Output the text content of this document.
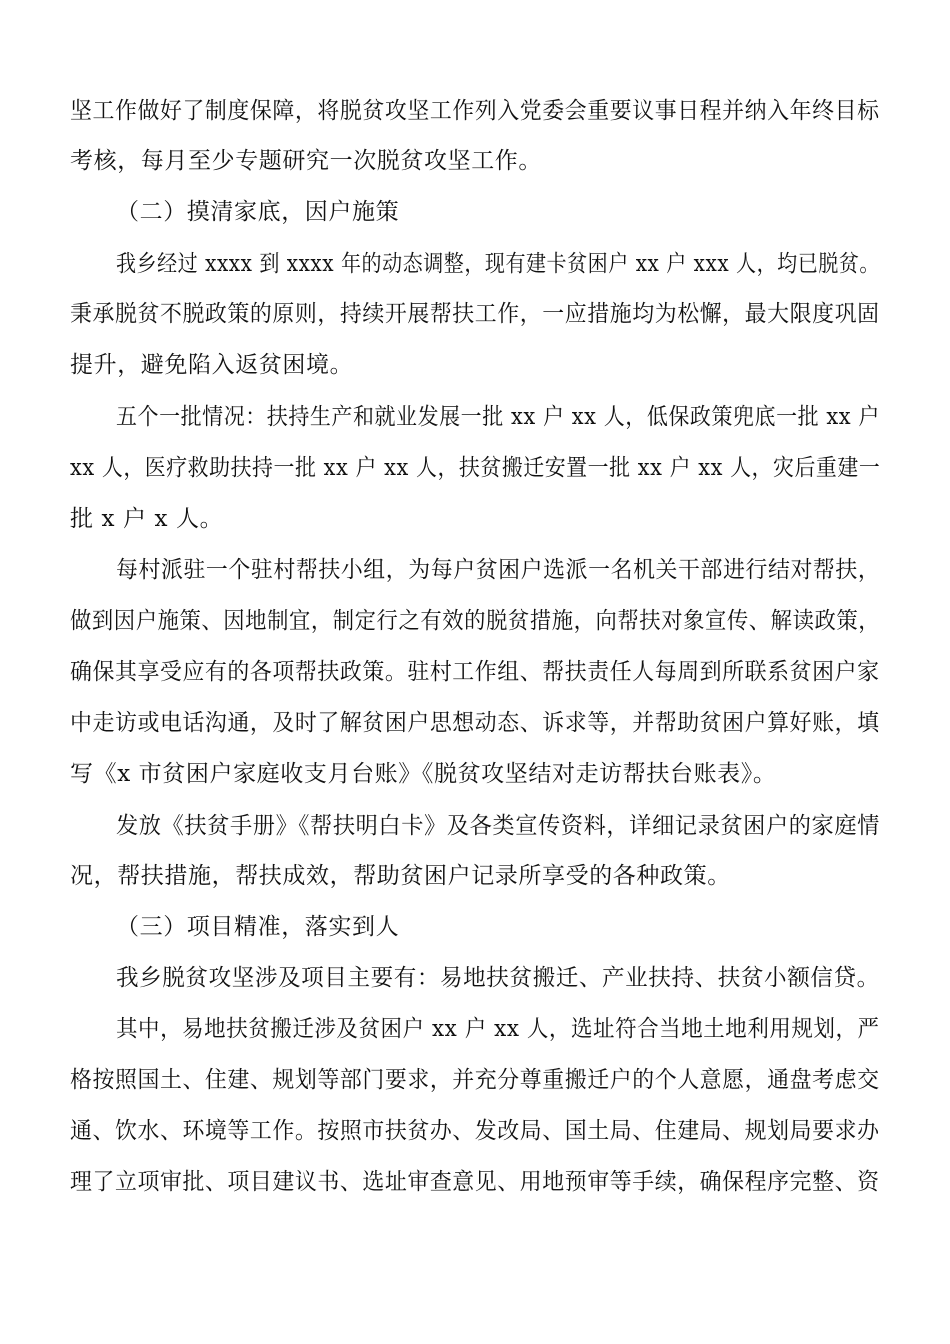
坚工作做好了制度保障，将脱贫攻坚工作列入党委会重要议事日程并纳入年终目标
考核，每月至少专题研究一次脱贫攻坚工作。
（二）摸清家底，因户施策
我乡经过 xxxx 到 xxxx 年的动态调整，现有建卡贫困户 xx 户 xxx 人，均已脱贫。
秉承脱贫不脱政策的原则，持续开展帮扶工作，一应措施均为松懈，最大限度巩固
提升，避免陷入返贫困境。
五个一批情况：扶持生产和就业发展一批 xx 户 xx 人，低保政策兜底一批 xx 户
xx 人，医疗救助扶持一批 xx 户 xx 人，扶贫搬迁安置一批 xx 户 xx 人，灾后重建一
批 x 户 x 人。
每村派驻一个驻村帮扶小组，为每户贫困户选派一名机关干部进行结对帮扶，
做到因户施策、因地制宜，制定行之有效的脱贫措施，向帮扶对象宣传、解读政策，
确保其享受应有的各项帮扶政策。驻村工作组、帮扶责任人每周到所联系贫困户家
中走访或电话沟通，及时了解贫困户思想动态、诉求等，并帮助贫困户算好账，填
写《x 市贫困户家庭收支月台账》《脱贫攻坚结对走访帮扶台账表》。
发放《扶贫手册》《帮扶明白卡》及各类宣传资料，详细记录贫困户的家庭情
况，帮扶措施，帮扶成效，帮助贫困户记录所享受的各种政策。
（三）项目精准，落实到人
我乡脱贫攻坚涉及项目主要有：易地扶贫搬迁、产业扶持、扶贫小额信贷。
其中，易地扶贫搬迁涉及贫困户 xx 户 xx 人，选址符合当地土地利用规划，严
格按照国土、住建、规划等部门要求，并充分尊重搬迁户的个人意愿，通盘考虑交
通、饮水、环境等工作。按照市扶贫办、发改局、国土局、住建局、规划局要求办
理了立项审批、项目建议书、选址审查意见、用地预审等手续，确保程序完整、资
